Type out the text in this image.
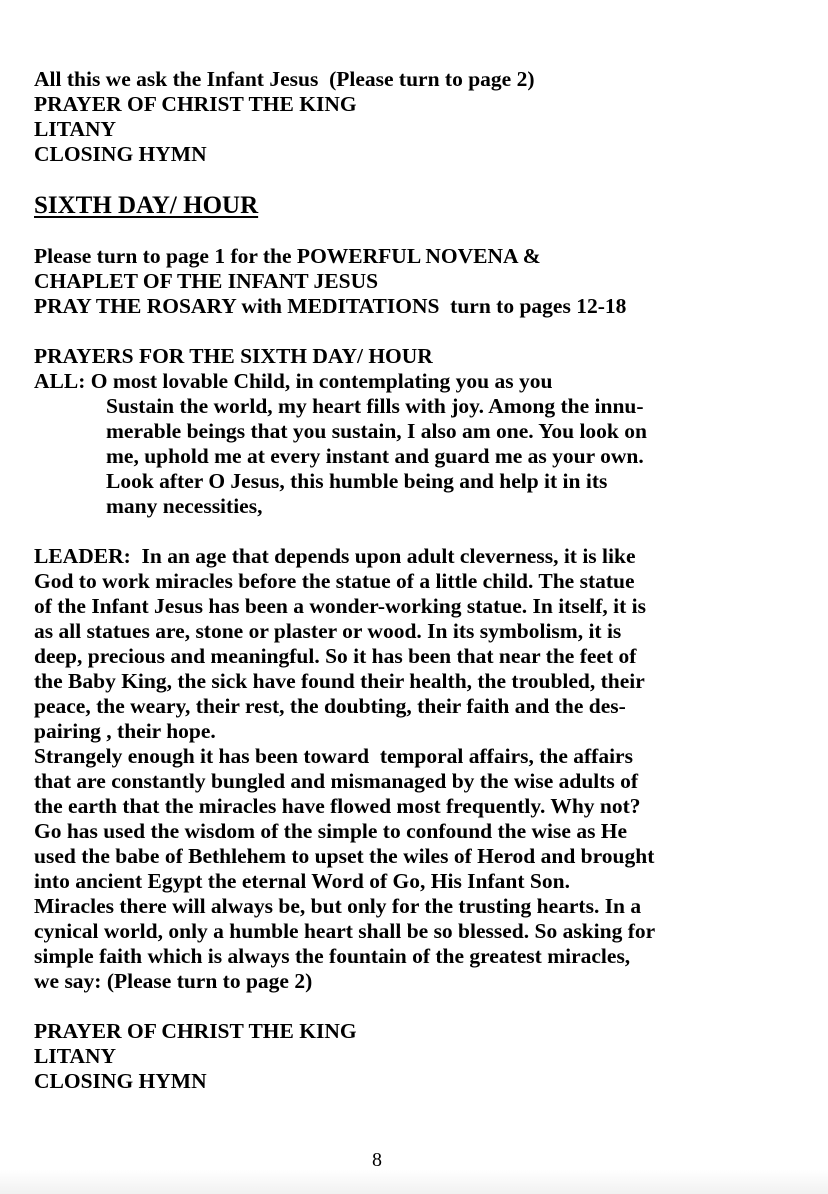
All this we ask the Infant Jesus  (Please turn to page 2)
PRAYER OF CHRIST THE KING
LITANY
CLOSING HYMN
SIXTH DAY/ HOUR
Please turn to page 1 for the POWERFUL NOVENA &
CHAPLET OF THE INFANT JESUS
PRAY THE ROSARY with MEDITATIONS  turn to pages 12-18
PRAYERS FOR THE SIXTH DAY/ HOUR
ALL: O most lovable Child, in contemplating you as you
Sustain the world, my heart fills with joy. Among the innu-
merable beings that you sustain, I also am one. You look on
me, uphold me at every instant and guard me as your own.
Look after O Jesus, this humble being and help it in its
many necessities,
LEADER:  In an age that depends upon adult cleverness, it is like
God to work miracles before the statue of a little child. The statue
of the Infant Jesus has been a wonder-working statue. In itself, it is
as all statues are, stone or plaster or wood. In its symbolism, it is
deep, precious and meaningful. So it has been that near the feet of
the Baby King, the sick have found their health, the troubled, their
peace, the weary, their rest, the doubting, their faith and the des-
pairing , their hope.
Strangely enough it has been toward  temporal affairs, the affairs
that are constantly bungled and mismanaged by the wise adults of
the earth that the miracles have flowed most frequently. Why not?
Go has used the wisdom of the simple to confound the wise as He
used the babe of Bethlehem to upset the wiles of Herod and brought
into ancient Egypt the eternal Word of Go, His Infant Son.
Miracles there will always be, but only for the trusting hearts. In a
cynical world, only a humble heart shall be so blessed. So asking for
simple faith which is always the fountain of the greatest miracles,
we say: (Please turn to page 2)
PRAYER OF CHRIST THE KING
LITANY
CLOSING HYMN
8
